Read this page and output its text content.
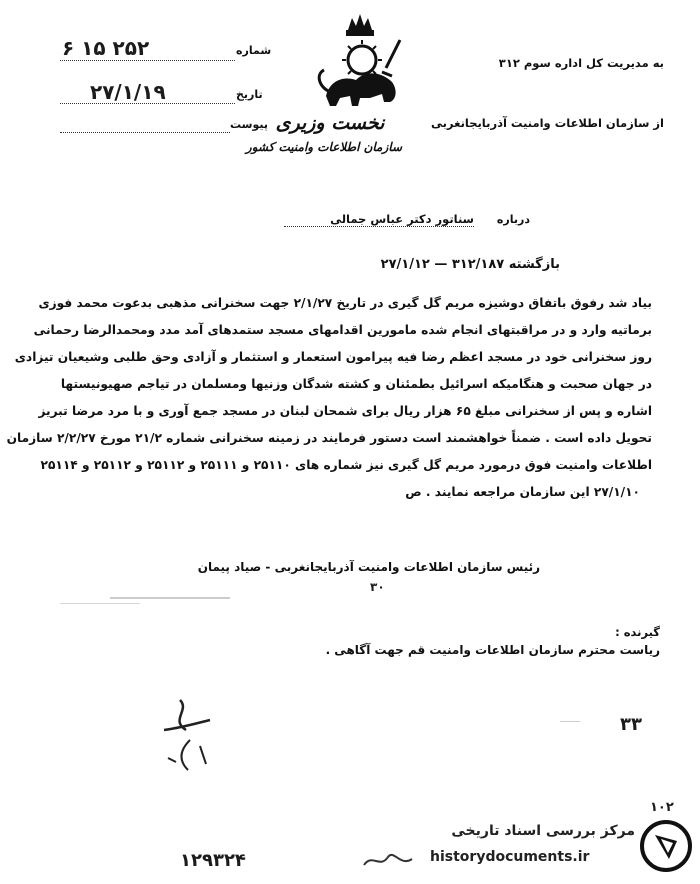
۶ ۱۵ ۲۵۲	شماره
۲۷/۱/۱۹	تاریخ
پیوست نخست وزیری
سازمان اطلاعات وامنیت کشور
به مدیریت کل اداره سوم ۳۱۲
از سازمان اطلاعات وامنیت آذربایجانغربی
درباره
سناتور دکتر عباس جمالی
بازگشته ۳۱۲/۱۸۷ — ۲۷/۱/۱۲
بیاد شد رفوق باتفاق دوشیزه مریم گل گیری در تاریخ ۲/۱/۲۷ جهت سخنرانی مذهبی بدعوت محمد فوزی
برماتیه وارد و در مراقبتهای انجام شده مامورین اقدامهای مسجد ستمدهای آمد مدد ومحمدالرضا رحمانی
روز سخنرانی خود در مسجد اعظم رضا فیه پیرامون استعمار و استثمار و آزادی وحق طلبی وشیعیان تیزادی
در جهان صحبت و هنگامیکه اسرائیل بطمئنان و کشته شدگان وزنیها ومسلمان در تیاجم صهیونیستها
اشاره و پس از سخنرانی مبلغ ۶۵ هزار ریال برای شمحان لبنان در مسجد جمع آوری و با مرد مرضا تبریز
تحویل داده است . ضمناً خواهشمند است دستور فرمایند در زمینه سخنرانی شماره ۲۱/۲ مورخ ۲/۲/۲۷ سازمان
اطلاعات وامنیت فوق درمورد مریم گل گیری نیز شماره های ۲۵۱۱۰ و ۲۵۱۱۱ و ۲۵۱۱۲ و ۲۵۱۱۲ و ۲۵۱۱۴
۲۷/۱/۱۰ این سازمان مراجعه نمایند . ص
رئیس سازمان اطلاعات وامنیت آذربایجانغربی - صیاد پیمان
۳۰
گیرنده :
ریاست محترم سازمان اطلاعات وامنیت قم جهت آگاهی .
۳۳
۱۰۲
۱۲۹۳۲۴
مرکز بررسی اسناد تاریخی
historydocuments.ir
